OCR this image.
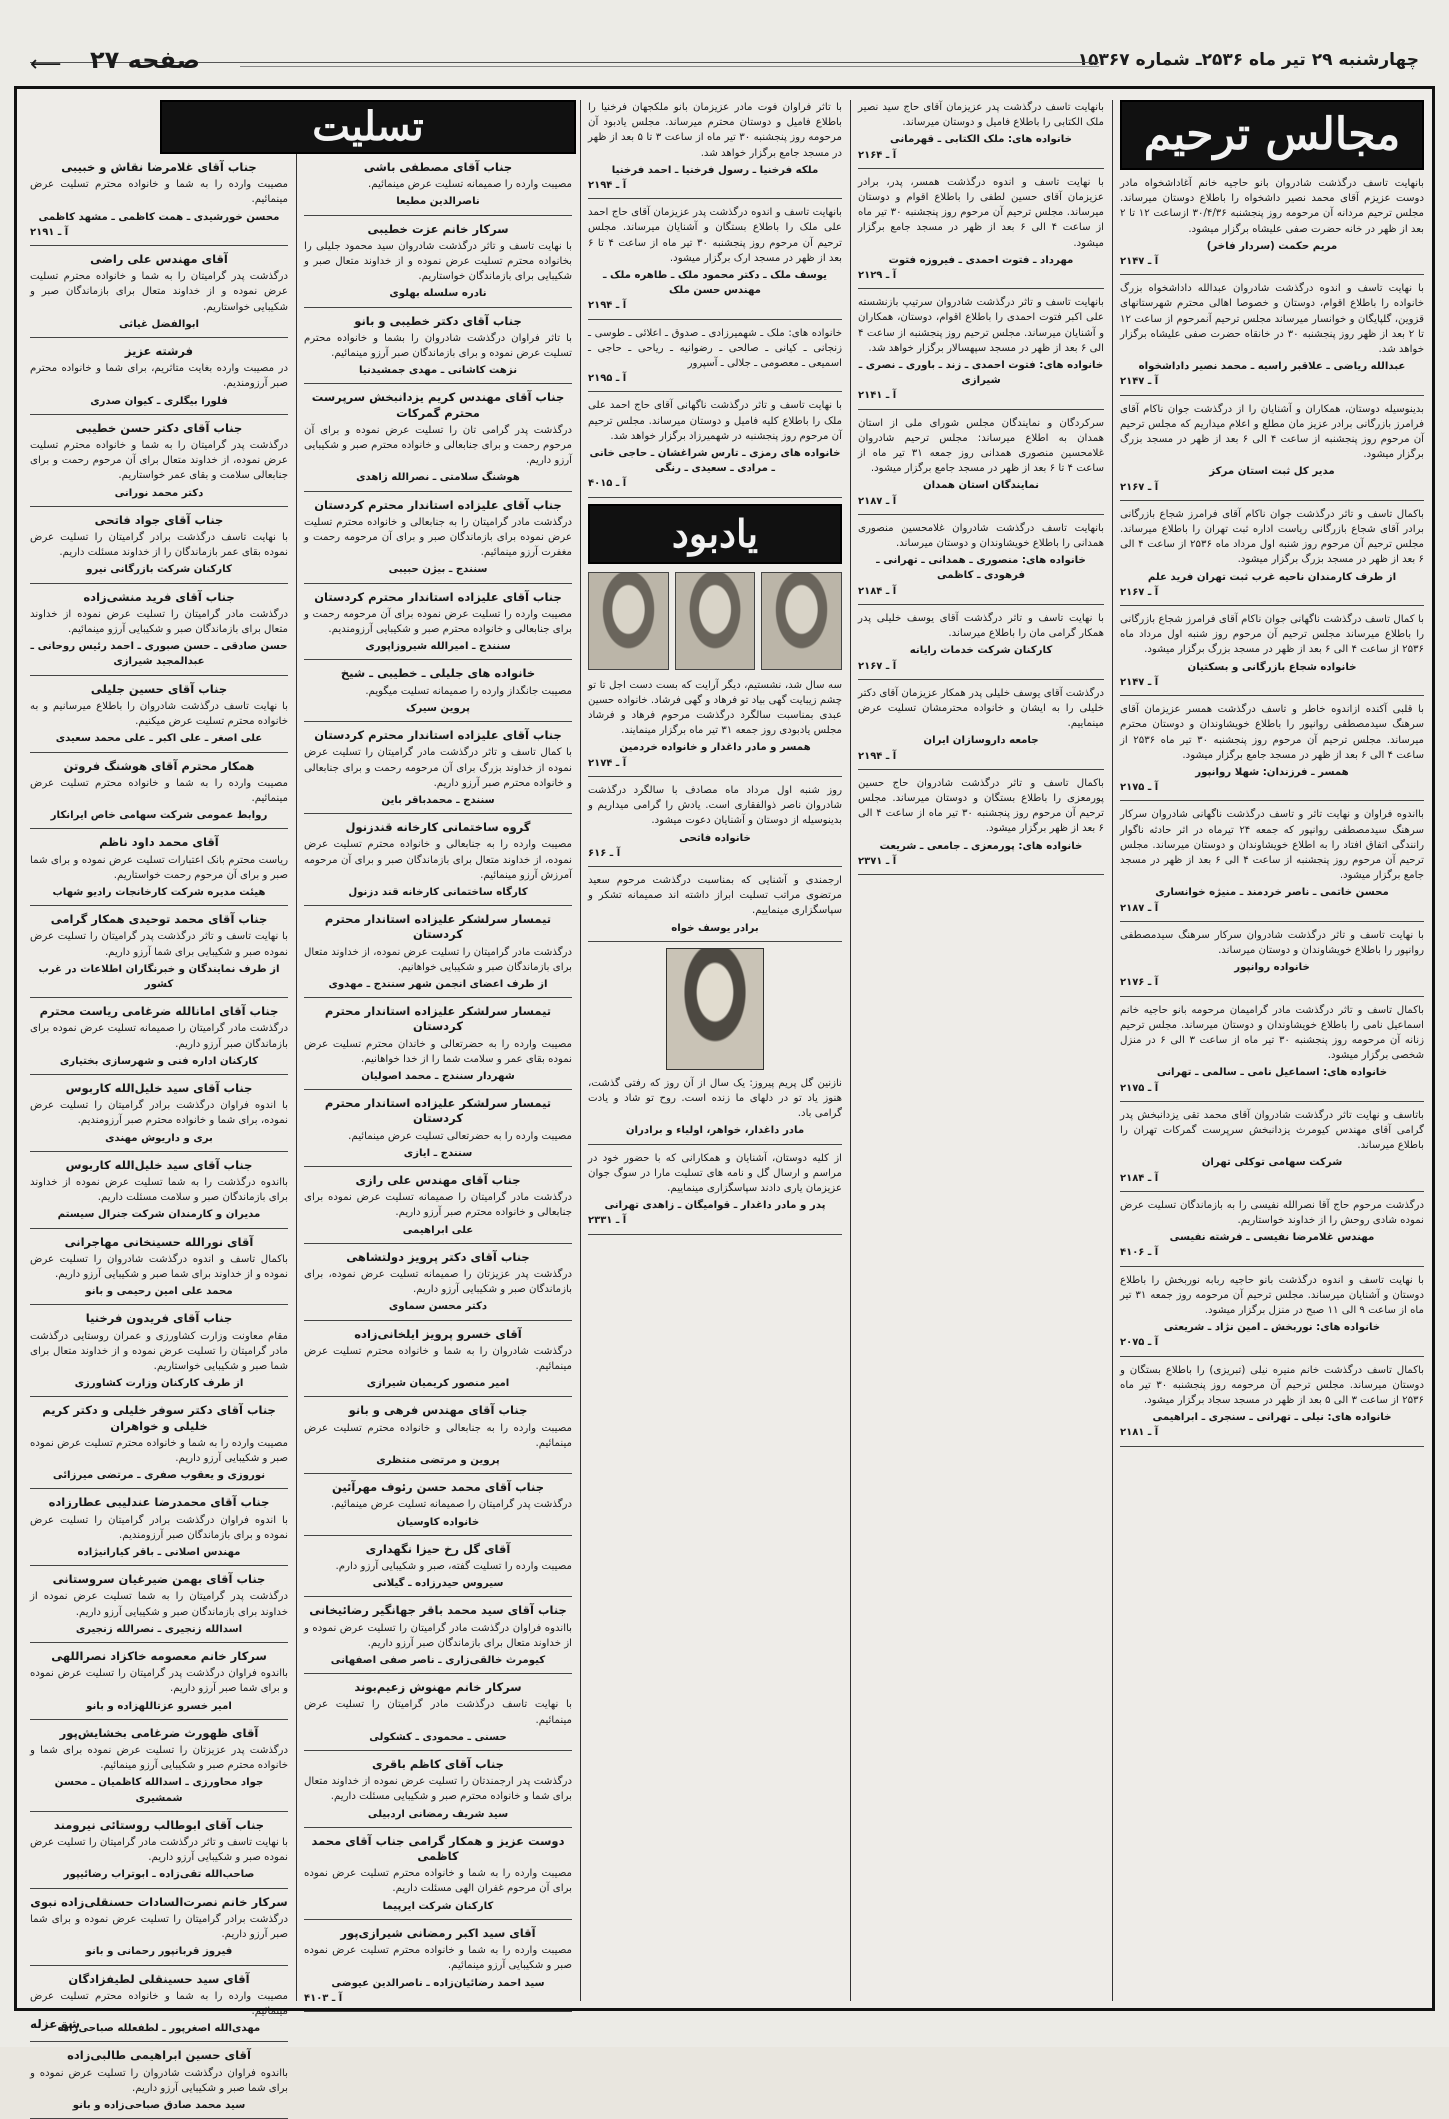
چهارشنبه ۲۹ تیر ماه ۲۵۳۶ـ شماره ۱۵۳۶۷
صفحه ۲۷
⟵
مجالس ترحیم

بانهایت تاسف درگذشت شادروان بانو حاجیه خانم آغاداشخواه مادر دوست عزیزم آقای محمد نصیر داشخواه را باطلاع دوستان میرساند. مجلس ترحیم مردانه آن مرحومه روز پنجشنبه ۳۰/۴/۳۶ ازساعت ۱۲ تا ۲ بعد از ظهر در خانه حضرت صفی علیشاه برگزار میشود.

مریم حکمت (سردار فاخر)
آ ـ ۲۱۴۷

با نهایت تاسف و اندوه درگذشت شادروان عبدالله داداشخواه بزرگ خانواده را باطلاع اقوام، دوستان و خصوصا اهالی محترم شهرستانهای قزوین، گلپایگان و خوانسار میرساند مجلس ترحیم آنمرحوم از ساعت ۱۲ تا ۲ بعد از ظهر روز پنجشنبه ۳۰ در خانقاه حضرت صفی علیشاه برگزار خواهد شد.

عبدالله ریاضی ـ علاقبر راسیه ـ محمد نصیر داداشخواه
آ ـ ۲۱۴۷

بدینوسیله دوستان، همکاران و آشنایان را از درگذشت جوان ناکام آقای فرامرز بازرگانی برادر عزیز مان مطلع و اعلام میداریم که مجلس ترحیم آن مرحوم روز پنجشنبه از ساعت ۴ الی ۶ بعد از ظهر در مسجد بزرگ برگزار میشود.

مدیر کل ثبت استان مرکز
آ ـ ۲۱۶۷

باکمال تاسف و تاثر درگذشت جوان ناکام آقای فرامرز شجاع بازرگانی برادر آقای شجاع بازرگانی ریاست اداره ثبت تهران را باطلاع میرساند. مجلس ترحیم آن مرحوم روز شنبه اول مرداد ماه ۲۵۳۶ از ساعت ۴ الی ۶ بعد از ظهر در مسجد بزرگ برگزار میشود.

از طرف کارمندان ناحیه غرب ثبت تهران فرید علم
آ ـ ۲۱۶۷

با کمال تاسف درگذشت ناگهانی جوان ناکام آقای فرامرز شجاع بازرگانی را باطلاع میرساند مجلس ترحیم آن مرحوم روز شنبه اول مرداد ماه ۲۵۳۶ از ساعت ۴ الی ۶ بعد از ظهر در مسجد بزرگ برگزار میشود.

خانواده شجاع بازرگانی و بسکتیان
آ ـ ۲۱۴۷

با قلبی آکنده ازاندوه خاطر و تاسف درگذشت همسر عزیزمان آقای سرهنگ سیدمصطفی روانپور را باطلاع خویشاوندان و دوستان محترم میرساند. مجلس ترحیم آن مرحوم روز پنجشنبه ۳۰ تیر ماه ۲۵۳۶ از ساعت ۴ الی ۶ بعد از ظهر در مسجد جامع برگزار میشود.

همسر ـ فرزندان: شهلا روانپور
آ ـ ۲۱۷۵

بااندوه فراوان و نهایت تاثر و تاسف درگذشت ناگهانی شادروان سرکار سرهنگ سیدمصطفی روانپور که جمعه ۲۴ تیرماه در اثر حادثه ناگوار رانندگی اتفاق افتاد را به اطلاع خویشاوندان و دوستان میرساند. مجلس ترحیم آن مرحوم روز پنجشنبه از ساعت ۴ الی ۶ بعد از ظهر در مسجد جامع برگزار میشود.

محسن خاتمی ـ ناصر خردمند ـ منیژه خوانساری
آ ـ ۲۱۸۷

با نهایت تاسف و تاثر درگذشت شادروان سرکار سرهنگ سیدمصطفی روانپور را باطلاع خویشاوندان و دوستان میرساند.

خانواده روانپور
آ ـ ۲۱۷۶

باکمال تاسف و تاثر درگذشت مادر گرامیمان مرحومه بانو حاجیه خانم اسماعیل نامی را باطلاع خویشاوندان و دوستان میرساند. مجلس ترحیم زنانه آن مرحومه روز پنجشنبه ۳۰ تیر ماه از ساعت ۳ الی ۶ در منزل شخصی برگزار میشود.

خانواده های: اسماعیل نامی ـ سالمی ـ تهرانی
آ ـ ۲۱۷۵

باتاسف و نهایت تاثر درگذشت شادروان آقای محمد تقی یزدانبخش پدر گرامی آقای مهندس کیومرث یزدانبخش سرپرست گمرکات تهران را باطلاع میرساند.

شرکت سهامی توکلی تهران
آ ـ ۲۱۸۴

درگذشت مرحوم حاج آقا نصرالله نفیسی را به بازماندگان تسلیت عرض نموده شادی روحش را از خداوند خواستاریم.

مهندس غلامرضا نفیسی ـ فرشته نفیسی
آ ـ ۴۱۰۶

با نهایت تاسف و اندوه درگذشت بانو حاجیه ربابه نوربخش را باطلاع دوستان و آشنایان میرساند. مجلس ترحیم آن مرحومه روز جمعه ۳۱ تیر ماه از ساعت ۹ الی ۱۱ صبح در منزل برگزار میشود.

خانواده های: نوربخش ـ امین نژاد ـ شریعتی
آ ـ ۲۰۷۵

باکمال تاسف درگذشت خانم منیره نیلی (تبریزی) را باطلاع بستگان و دوستان میرساند. مجلس ترحیم آن مرحومه روز پنجشنبه ۳۰ تیر ماه ۲۵۳۶ از ساعت ۳ الی ۵ بعد از ظهر در مسجد سجاد برگزار میشود.

خانواده های: نیلی ـ تهرانی ـ سنجری ـ ابراهیمی
آ ـ ۲۱۸۱

بانهایت تاسف درگذشت پدر عزیزمان آقای حاج سید نصیر ملک الکتابی را باطلاع فامیل و دوستان میرساند.

خانواده های: ملک الکتابی ـ قهرمانی
آ ـ ۲۱۶۴

با نهایت تاسف و اندوه درگذشت همسر، پدر، برادر عزیزمان آقای حسین لطفی را باطلاع اقوام و دوستان میرساند. مجلس ترحیم آن مرحوم روز پنجشنبه ۳۰ تیر ماه از ساعت ۴ الی ۶ بعد از ظهر در مسجد جامع برگزار میشود.

مهرداد ـ فتوت احمدی ـ فیروزه فتوت
آ ـ ۲۱۲۹

بانهایت تاسف و تاثر درگذشت شادروان سرتیپ بازنشسته علی اکبر فتوت احمدی را باطلاع اقوام، دوستان، همکاران و آشنایان میرساند. مجلس ترحیم روز پنجشنبه از ساعت ۴ الی ۶ بعد از ظهر در مسجد سپهسالار برگزار خواهد شد.

خانواده های: فتوت احمدی ـ زند ـ باوری ـ نصری ـ شیرازی
آ ـ ۲۱۴۱

سرکردگان و نمایندگان مجلس شورای ملی از استان همدان به اطلاع میرساند: مجلس ترحیم شادروان غلامحسین منصوری همدانی روز جمعه ۳۱ تیر ماه از ساعت ۴ تا ۶ بعد از ظهر در مسجد جامع برگزار میشود.

نمایندگان استان همدان
آ ـ ۲۱۸۷

بانهایت تاسف درگذشت شادروان غلامحسین منصوری همدانی را باطلاع خویشاوندان و دوستان میرساند.

خانواده های: منصوری ـ همدانی ـ تهرانی ـ فرهودی ـ کاظمی
آ ـ ۲۱۸۴

با نهایت تاسف و تاثر درگذشت آقای یوسف خلیلی پدر همکار گرامی مان را باطلاع میرساند.

کارکنان شرکت خدمات رایانه
آ ـ ۲۱۶۷

درگذشت آقای یوسف خلیلی پدر همکار عزیزمان آقای دکتر خلیلی را به ایشان و خانواده محترمشان تسلیت عرض مینماییم.

جامعه داروسازان ایران
آ ـ ۲۱۹۴

باکمال تاسف و تاثر درگذشت شادروان حاج حسین پورمعزی را باطلاع بستگان و دوستان میرساند. مجلس ترحیم آن مرحوم روز پنجشنبه ۳۰ تیر ماه از ساعت ۴ الی ۶ بعد از ظهر برگزار میشود.

خانواده های: پورمعزی ـ جامعی ـ شریعت
آ ـ ۲۳۷۱

با تاثر فراوان فوت مادر عزیزمان بانو ملکجهان فرخنیا را باطلاع فامیل و دوستان محترم میرساند. مجلس یادبود آن مرحومه روز پنجشنبه ۳۰ تیر ماه از ساعت ۳ تا ۵ بعد از ظهر در مسجد جامع برگزار خواهد شد.

ملکه فرخنیا ـ رسول فرخنیا ـ احمد فرخنیا
آ ـ ۲۱۹۴

بانهایت تاسف و اندوه درگذشت پدر عزیزمان آقای حاج احمد علی ملک را باطلاع بستگان و آشنایان میرساند. مجلس ترحیم آن مرحوم روز پنجشنبه ۳۰ تیر ماه از ساعت ۴ تا ۶ بعد از ظهر در مسجد ارک برگزار میشود.

یوسف ملک ـ دکتر محمود ملک ـ طاهره ملک ـ مهندس حسن ملک
آ ـ ۲۱۹۴

خانواده های: ملک ـ شهمیرزادی ـ صدوق ـ اعلائی ـ طوسی ـ زنجانی ـ کیانی ـ صالحی ـ رضوانیه ـ ریاحی ـ حاجی ـ اسمیعی ـ معصومی ـ جلالی ـ آسپرور

آ ـ ۲۱۹۵

با نهایت تاسف و تاثر درگذشت ناگهانی آقای حاج احمد علی ملک را باطلاع کلیه فامیل و دوستان میرساند. مجلس ترحیم آن مرحوم روز پنجشنبه در شهمیرزاد برگزار خواهد شد.

خانواده های رمزی ـ تارس شراغشان ـ حاجی خانی ـ مرادی ـ سعیدی ـ رنگی
آ ـ ۴۰۱۵
یادبود

سه سال شد، نشستیم، دیگر آرایت که بست دست اجل تا تو چشم زیبایت گهی بیاد تو فرهاد و گهی فرشاد. خانواده حسین عبدی بمناسبت سالگرد درگذشت مرحوم فرهاد و فرشاد مجلس یادبودی روز جمعه ۳۱ تیر ماه برگزار مینمایند.

همسر و مادر داغدار و خانواده خردمین
آ ـ ۲۱۷۴

روز شنبه اول مرداد ماه مصادف با سالگرد درگذشت شادروان ناصر ذوالفقاری است. یادش را گرامی میداریم و بدینوسیله از دوستان و آشنایان دعوت میشود.

خانواده فاتحی
آ ـ ۶۱۶

ارجمندی و آشنایی که بمناسبت درگذشت مرحوم سعید مرتضوی مراتب تسلیت ابراز داشته اند صمیمانه تشکر و سپاسگزاری مینماییم.

برادر یوسف خواه

نازنین گل پریم پیروز: یک سال از آن روز که رفتی گذشت، هنوز یاد تو در دلهای ما زنده است. روح تو شاد و یادت گرامی باد.

مادر داغدار، خواهر، اولیاء و برادران

از کلیه دوستان، آشنایان و همکارانی که با حضور خود در مراسم و ارسال گل و نامه های تسلیت مارا در سوگ جوان عزیزمان یاری دادند سپاسگزاری مینماییم.

پدر و مادر داغدار ـ قوامیگان ـ زاهدی تهرانی
آ ـ ۲۳۳۱
جناب آقای مصطفی باشی

مصیبت وارده را صمیمانه تسلیت عرض مینمائیم.

ناصرالدین مطیعا
سرکار خانم عزت خطیبی

با نهایت تاسف و تاثر درگذشت شادروان سید محمود جلیلی را بخانواده محترم تسلیت عرض نموده و از خداوند متعال صبر و شکیبایی برای بازماندگان خواستاریم.

نادره سلسله بهلوی
جناب آقای دکتر خطیبی و بانو

با تاثر فراوان درگذشت شادروان را بشما و خانواده محترم تسلیت عرض نموده و برای بازماندگان صبر آرزو مینمائیم.

نزهت کاشانی ـ مهدی جمشیدنیا
جناب آقای مهندس کریم یزدانبخش سرپرست محترم گمرکات

درگذشت پدر گرامی تان را تسلیت عرض نموده و برای آن مرحوم رحمت و برای جنابعالی و خانواده محترم صبر و شکیبایی آرزو داریم.

هوشنگ سلامتی ـ نصرالله زاهدی
جناب آقای علیزاده استاندار محترم کردستان

درگذشت مادر گرامیتان را به جنابعالی و خانواده محترم تسلیت عرض نموده برای بازماندگان صبر و برای آن مرحومه رحمت و مغفرت آرزو مینمائیم.

سنندج ـ بیژن حبیبی
جناب آقای علیزاده استاندار محترم کردستان

مصیبت وارده را تسلیت عرض نموده برای آن مرحومه رحمت و برای جنابعالی و خانواده محترم صبر و شکیبایی آرزومندیم.

سنندج ـ امیرالله شیروزاپوری
خانواده های جلیلی ـ خطیبی ـ شیخ

مصیبت جانگداز وارده را صمیمانه تسلیت میگویم.

پروین سیرک
جناب آقای علیزاده استاندار محترم کردستان

با کمال تاسف و تاثر درگذشت مادر گرامیتان را تسلیت عرض نموده از خداوند بزرگ برای آن مرحومه رحمت و برای جنابعالی و خانواده محترم صبر آرزو داریم.

سنندج ـ محمدباقر باین
گروه ساختمانی کارخانه قندزنول

مصیبت وارده را به جنابعالی و خانواده محترم تسلیت عرض نموده، از خداوند متعال برای بازماندگان صبر و برای آن مرحومه آمرزش آرزو مینمائیم.

کارگاه ساختمانی کارخانه قند دزنول
تیمسار سرلشکر علیزاده استاندار محترم کردستان

درگذشت مادر گرامیتان را تسلیت عرض نموده، از خداوند متعال برای بازماندگان صبر و شکیبایی خواهانیم.

از طرف اعضای انجمن شهر سنندج ـ مهدوی
تیمسار سرلشکر علیزاده استاندار محترم کردستان

مصیبت وارده را به حضرتعالی و خاندان محترم تسلیت عرض نموده بقای عمر و سلامت شما را از خدا خواهانیم.

شهردار سنندج ـ محمد اصولیان
تیمسار سرلشکر علیزاده استاندار محترم کردستان

مصیبت وارده را به حضرتعالی تسلیت عرض مینمائیم.

سنندج ـ ایازی
جناب آقای مهندس علی رازی

درگذشت مادر گرامیتان را صمیمانه تسلیت عرض نموده برای جنابعالی و خانواده محترم صبر آرزو داریم.

علی ابراهیمی
جناب آقای دکتر پرویز دولتشاهی

درگذشت پدر عزیزتان را صمیمانه تسلیت عرض نموده، برای بازماندگان صبر و شکیبایی آرزو داریم.

دکتر محسن سماوی
آقای خسرو پرویز ایلخانی‌زاده

درگذشت شادروان را به شما و خانواده محترم تسلیت عرض مینمائیم.

امیر منصور کریمیان شیرازی
جناب آقای مهندس فرهی و بانو

مصیبت وارده را به جنابعالی و خانواده محترم تسلیت عرض مینمائیم.

پروین و مرتضی منتظری
جناب آقای محمد حسن رئوف مهرآئین

درگذشت پدر گرامیتان را صمیمانه تسلیت عرض مینمائیم.

خانواده کاوسیان
آقای گل رخ حیزا نگهداری

مصیبت وارده را تسلیت گفته، صبر و شکیبایی آرزو دارم.

سیروس حیدرزاده ـ گیلانی
جناب آقای سید محمد باقر جهانگیر رضائیخانی

بااندوه فراوان درگذشت مادر گرامیتان را تسلیت عرض نموده و از خداوند متعال برای بازماندگان صبر آرزو داریم.

کیومرث خالقی‌زاری ـ ناصر صفی اصفهانی
سرکار خانم مهنوش زعیم‌بوند

با نهایت تاسف درگذشت مادر گرامیتان را تسلیت عرض مینمائیم.

حسنی ـ محمودی ـ کشکولی
جناب آقای کاظم باقری

درگذشت پدر ارجمندتان را تسلیت عرض نموده از خداوند متعال برای شما و خانواده محترم صبر و شکیبایی مسئلت داریم.

سید شریف رمضانی اردبیلی
دوست عزیز و همکار گرامی جناب آقای محمد کاظمی

مصیبت وارده را به شما و خانواده محترم تسلیت عرض نموده برای آن مرحوم غفران الهی مسئلت داریم.

کارکنان شرکت ایرپیما
آقای سید اکبر رمضانی شیرازی‌پور

مصیبت وارده را به شما و خانواده محترم تسلیت عرض نموده صبر و شکیبایی آرزو مینمائیم.

سید احمد رضائیان‌زاده ـ ناصرالدین عیوضی
آ ـ ۴۱۰۳
جناب آقای غلامرضا نقاش و خبیبی

مصیبت وارده را به شما و خانواده محترم تسلیت عرض مینمائیم.

محسن خورشیدی ـ همت کاظمی ـ مشهد کاظمی
آ ـ ۲۱۹۱
آقای مهندس علی راضی

درگذشت پدر گرامیتان را به شما و خانواده محترم تسلیت عرض نموده و از خداوند متعال برای بازماندگان صبر و شکیبایی خواستاریم.

ابوالفضل غیاثی
فرشته عزیز

در مصیبت وارده بغایت متاثریم، برای شما و خانواده محترم صبر آرزومندیم.

فلورا بیگلری ـ کیوان صدری
جناب آقای دکتر حسن خطیبی

درگذشت پدر گرامیتان را به شما و خانواده محترم تسلیت عرض نموده، از خداوند متعال برای آن مرحوم رحمت و برای جنابعالی سلامت و بقای عمر خواستاریم.

دکتر محمد نورانی
جناب آقای جواد فاتحی

با نهایت تاسف درگذشت برادر گرامیتان را تسلیت عرض نموده بقای عمر بازماندگان را از خداوند مسئلت داریم.

کارکنان شرکت بازرگانی نیرو
جناب آقای فرید منشی‌زاده

درگذشت مادر گرامیتان را تسلیت عرض نموده از خداوند متعال برای بازماندگان صبر و شکیبایی آرزو مینمائیم.

حسن صادقی ـ حسن صبوری ـ احمد رئیس روحانی ـ عبدالمجید شیرازی
جناب آقای حسین جلیلی

با نهایت تاسف درگذشت شادروان را باطلاع میرسانیم و به خانواده محترم تسلیت عرض میکنیم.

علی اصغر ـ علی اکبر ـ علی محمد سعیدی
همکار محترم آقای هوشنگ فروتن

مصیبت وارده را به شما و خانواده محترم تسلیت عرض مینمائیم.

روابط عمومی شرکت سهامی خاص ایرانکار
آقای محمد داود ناظم

ریاست محترم بانک اعتبارات تسلیت عرض نموده و برای شما صبر و برای آن مرحوم رحمت خواستاریم.

هیئت مدیره شرکت کارخانجات رادیو شهاب
جناب آقای محمد توحیدی همکار گرامی

با نهایت تاسف و تاثر درگذشت پدر گرامیتان را تسلیت عرض نموده صبر و شکیبایی برای شما آرزو داریم.

از طرف نمایندگان و خبرنگاران اطلاعات در غرب کشور
جناب آقای امانالله ضرغامی ریاست محترم

درگذشت مادر گرامیتان را صمیمانه تسلیت عرض نموده برای بازماندگان صبر آرزو داریم.

کارکنان اداره فنی و شهرسازی بختیاری
جناب آقای سید خلیل‌الله کاربوس

با اندوه فراوان درگذشت برادر گرامیتان را تسلیت عرض نموده، برای شما و خانواده محترم صبر آرزومندیم.

بری و داریوش مهندی
جناب آقای سید خلیل‌الله کاربوس

بااندوه درگذشت را به شما تسلیت عرض نموده از خداوند برای بازماندگان صبر و سلامت مسئلت داریم.

مدیران و کارمندان شرکت جنرال سیستم
آقای نورالله حسینخانی مهاجرانی

باکمال تاسف و اندوه درگذشت شادروان را تسلیت عرض نموده و از خداوند برای شما صبر و شکیبایی آرزو داریم.

محمد علی امین رحیمی و بانو
جناب آقای فریدون فرخنیا

مقام معاونت وزارت کشاورزی و عمران روستایی درگذشت مادر گرامیتان را تسلیت عرض نموده و از خداوند متعال برای شما صبر و شکیبایی خواستاریم.

از طرف کارکنان وزارت کشاورزی
جناب آقای دکتر سوفر خلیلی و دکتر کریم خلیلی و خواهران

مصیبت وارده را به شما و خانواده محترم تسلیت عرض نموده صبر و شکیبایی آرزو داریم.

نوروزی و یعقوب صفری ـ مرتضی میرزائی
جناب آقای محمدرضا عندلیبی عطارزاده

با اندوه فراوان درگذشت برادر گرامیتان را تسلیت عرض نموده و برای بازماندگان صبر آرزومندیم.

مهندس اصلانی ـ باقر کیارانیژاده
جناب آقای بهمن ضیرغیان سروستانی

درگذشت پدر گرامیتان را به شما تسلیت عرض نموده از خداوند برای بازماندگان صبر و شکیبایی آرزو داریم.

اسدالله زنجیری ـ نصرالله زنجیری
سرکار خانم معصومه خاکزاد نصراللهی

بااندوه فراوان درگذشت پدر گرامیتان را تسلیت عرض نموده و برای شما صبر آرزو داریم.

امیر خسرو عزتاللهزاده و بانو
آقای ظهورث ضرغامی بخشایش‌پور

درگذشت پدر عزیزتان را تسلیت عرض نموده برای شما و خانواده محترم صبر و شکیبایی آرزو مینمائیم.

جواد محاورزی ـ اسدالله کاظمیان ـ محسن شمشیری
جناب آقای ابوطالب روستائی نیرومند

با نهایت تاسف و تاثر درگذشت مادر گرامیتان را تسلیت عرض نموده صبر و شکیبایی آرزو داریم.

صاحب‌الله تقی‌زاده ـ ابوتراب رضائیپور
سرکار خانم نصرت‌السادات حسنقلی‌زاده نبوی

درگذشت برادر گرامیتان را تسلیت عرض نموده و برای شما صبر آرزو داریم.

فیروز قربانپور رحمانی و بانو
آقای سید حسینقلی لطیفزادگان

مصیبت وارده را به شما و خانواده محترم تسلیت عرض مینمائیم.

مهدی‌الله اصغرپور ـ لطفعلله صباحی‌زاده
آقای حسین ابراهیمی طالبی‌زاده

بااندوه فراوان درگذشت شادروان را تسلیت عرض نموده و برای شما صبر و شکیبایی آرزو داریم.

سید محمد صادق صباحی‌زاده و بانو
تسلیت
شق‌عزله
